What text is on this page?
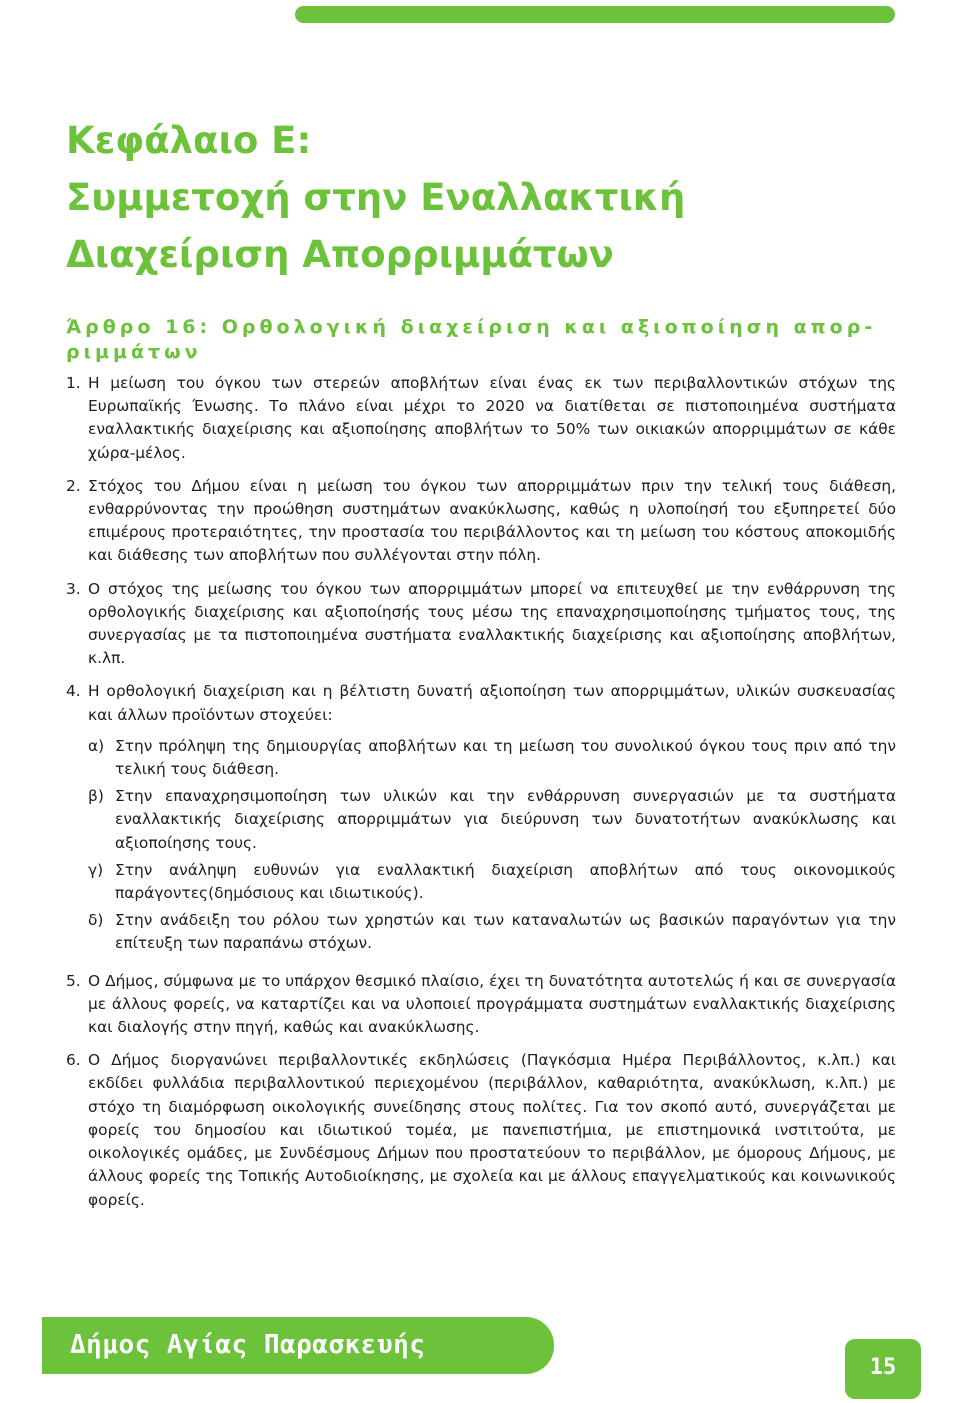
Κεφάλαιο Ε:
Συμμετοχή στην Εναλλακτική
Διαχείριση Απορριμμάτων
Άρθρο 16: Ορθολογική διαχείριση και αξιοποίηση απορ-ριμμάτων
1. Η μείωση του όγκου των στερεών αποβλήτων είναι ένας εκ των περιβαλλοντικών στόχων της Ευρωπαϊκής Ένωσης. Το πλάνο είναι μέχρι το 2020 να διατίθεται σε πιστοποιημένα συστήματα εναλλακτικής διαχείρισης και αξιοποίησης αποβλήτων το 50% των οικιακών απορριμμάτων σε κάθε χώρα-μέλος.
2. Στόχος του Δήμου είναι η μείωση του όγκου των απορριμμάτων πριν την τελική τους διάθεση, ενθαρρύνοντας την προώθηση συστημάτων ανακύκλωσης, καθώς η υλοποίησή του εξυπηρετεί δύο επιμέρους προτεραιότητες, την προστασία του περιβάλλοντος και τη μείωση του κόστους αποκομιδής και διάθεσης των αποβλήτων που συλλέγονται στην πόλη.
3. Ο στόχος της μείωσης του όγκου των απορριμμάτων μπορεί να επιτευχθεί με την ενθάρρυνση της ορθολογικής διαχείρισης και αξιοποίησής τους μέσω της επαναχρησιμοποίησης τμήματος τους, της συνεργασίας με τα πιστοποιημένα συστήματα εναλλακτικής διαχείρισης και αξιοποίησης αποβλήτων, κ.λπ.
4. Η ορθολογική διαχείριση και η βέλτιστη δυνατή αξιοποίηση των απορριμμάτων, υλικών συσκευασίας και άλλων προϊόντων στοχεύει:
α) Στην πρόληψη της δημιουργίας αποβλήτων και τη μείωση του συνολικού όγκου τους πριν από την τελική τους διάθεση.
β) Στην επαναχρησιμοποίηση των υλικών και την ενθάρρυνση συνεργασιών με τα συστήματα εναλλακτικής διαχείρισης απορριμμάτων για διεύρυνση των δυνατοτήτων ανακύκλωσης και αξιοποίησης τους.
γ) Στην ανάληψη ευθυνών για εναλλακτική διαχείριση αποβλήτων από τους οικονομικούς παράγοντες(δημόσιους και ιδιωτικούς).
δ) Στην ανάδειξη του ρόλου των χρηστών και των καταναλωτών ως βασικών παραγόντων για την επίτευξη των παραπάνω στόχων.
5. Ο Δήμος, σύμφωνα με το υπάρχον θεσμικό πλαίσιο, έχει τη δυνατότητα αυτοτελώς ή και σε συνεργασία με άλλους φορείς, να καταρτίζει και να υλοποιεί προγράμματα συστημάτων εναλλακτικής διαχείρισης και διαλογής στην πηγή, καθώς και ανακύκλωσης.
6. Ο Δήμος διοργανώνει περιβαλλοντικές εκδηλώσεις (Παγκόσμια Ημέρα Περιβάλλοντος, κ.λπ.) και εκδίδει φυλλάδια περιβαλλοντικού περιεχομένου (περιβάλλον, καθαριότητα, ανακύκλωση, κ.λπ.) με στόχο τη διαμόρφωση οικολογικής συνείδησης στους πολίτες. Για τον σκοπό αυτό, συνεργάζεται με φορείς του δημοσίου και ιδιωτικού τομέα, με πανεπιστήμια, με επιστημονικά ινστιτούτα, με οικολογικές ομάδες, με Συνδέσμους Δήμων που προστατεύουν το περιβάλλον, με όμορους Δήμους, με άλλους φορείς της Τοπικής Αυτοδιοίκησης, με σχολεία και με άλλους επαγγελματικούς και κοινωνικούς φορείς.

Δήμος Αγίας Παρασκευής

15
